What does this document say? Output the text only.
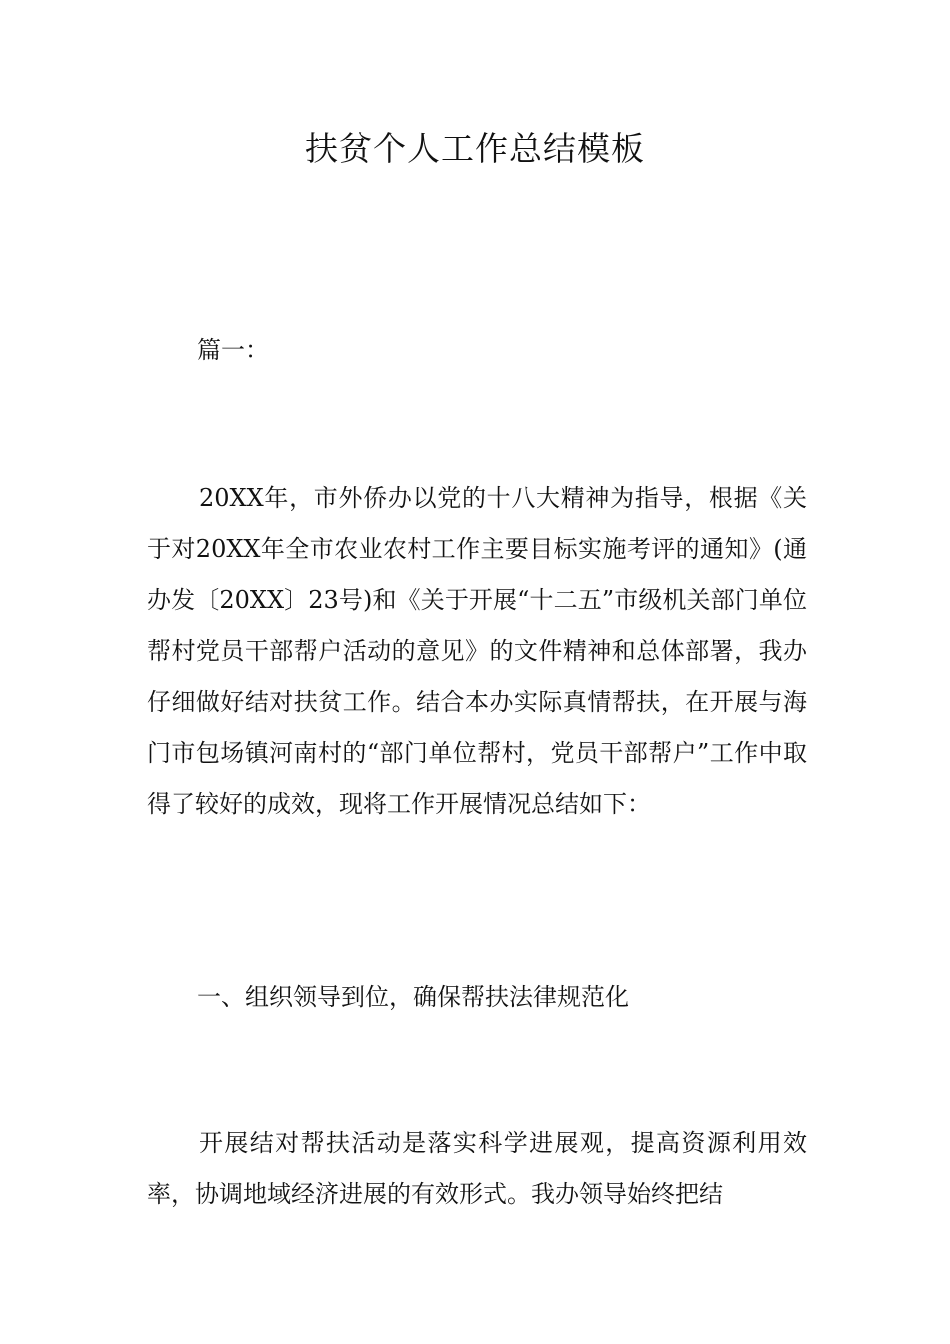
扶贫个人工作总结模板
篇一：

20XX年，市外侨办以党的十八大精神为指导，根据《关于对20XX年全市农业农村工作主要目标实施考评的通知》(通办发〔20XX〕23号)和《关于开展“十二五”市级机关部门单位帮村党员干部帮户活动的意见》的文件精神和总体部署，我办仔细做好结对扶贫工作。结合本办实际真情帮扶，在开展与海门市包场镇河南村的“部门单位帮村，党员干部帮户”工作中取得了较好的成效，现将工作开展情况总结如下：

一、组织领导到位，确保帮扶法律规范化

开展结对帮扶活动是落实科学进展观，提高资源利用效率，协调地域经济进展的有效形式。我办领导始终把结
